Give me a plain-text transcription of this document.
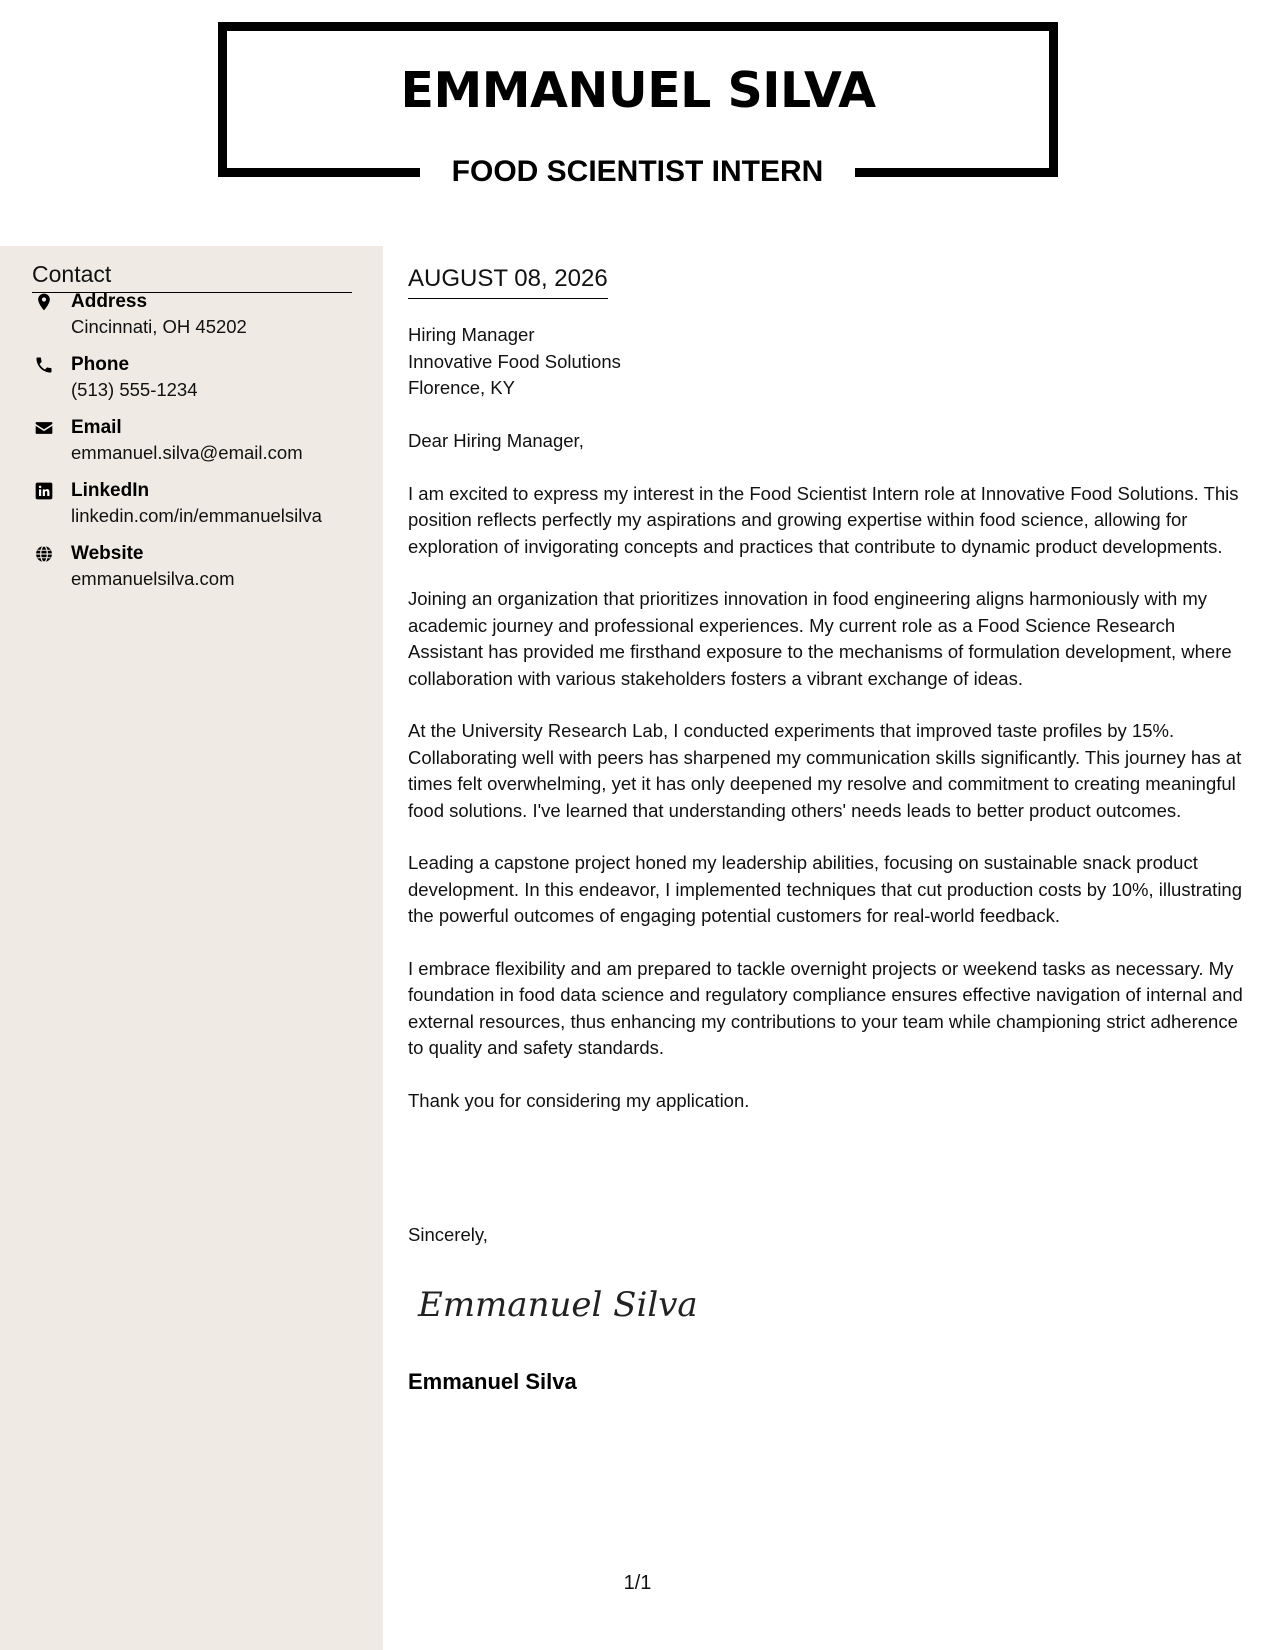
EMMANUEL SILVA
FOOD SCIENTIST INTERN
Contact
Address
Cincinnati, OH 45202
Phone
(513) 555-1234
Email
emmanuel.silva@email.com
LinkedIn
linkedin.com/in/emmanuelsilva
Website
emmanuelsilva.com
AUGUST 08, 2026
Hiring Manager
Innovative Food Solutions
Florence, KY

Dear Hiring Manager,

I am excited to express my interest in the Food Scientist Intern role at Innovative Food Solutions. This position reflects perfectly my aspirations and growing expertise within food science, allowing for exploration of invigorating concepts and practices that contribute to dynamic product developments.

Joining an organization that prioritizes innovation in food engineering aligns harmoniously with my academic journey and professional experiences. My current role as a Food Science Research Assistant has provided me firsthand exposure to the mechanisms of formulation development, where collaboration with various stakeholders fosters a vibrant exchange of ideas.

At the University Research Lab, I conducted experiments that improved taste profiles by 15%. Collaborating well with peers has sharpened my communication skills significantly. This journey has at times felt overwhelming, yet it has only deepened my resolve and commitment to creating meaningful food solutions. I've learned that understanding others' needs leads to better product outcomes.

Leading a capstone project honed my leadership abilities, focusing on sustainable snack product development. In this endeavor, I implemented techniques that cut production costs by 10%, illustrating the powerful outcomes of engaging potential customers for real-world feedback.

I embrace flexibility and am prepared to tackle overnight projects or weekend tasks as necessary. My foundation in food data science and regulatory compliance ensures effective navigation of internal and external resources, thus enhancing my contributions to your team while championing strict adherence to quality and safety standards.

Thank you for considering my application.

Sincerely,
Emmanuel Silva
Emmanuel Silva
1/1
